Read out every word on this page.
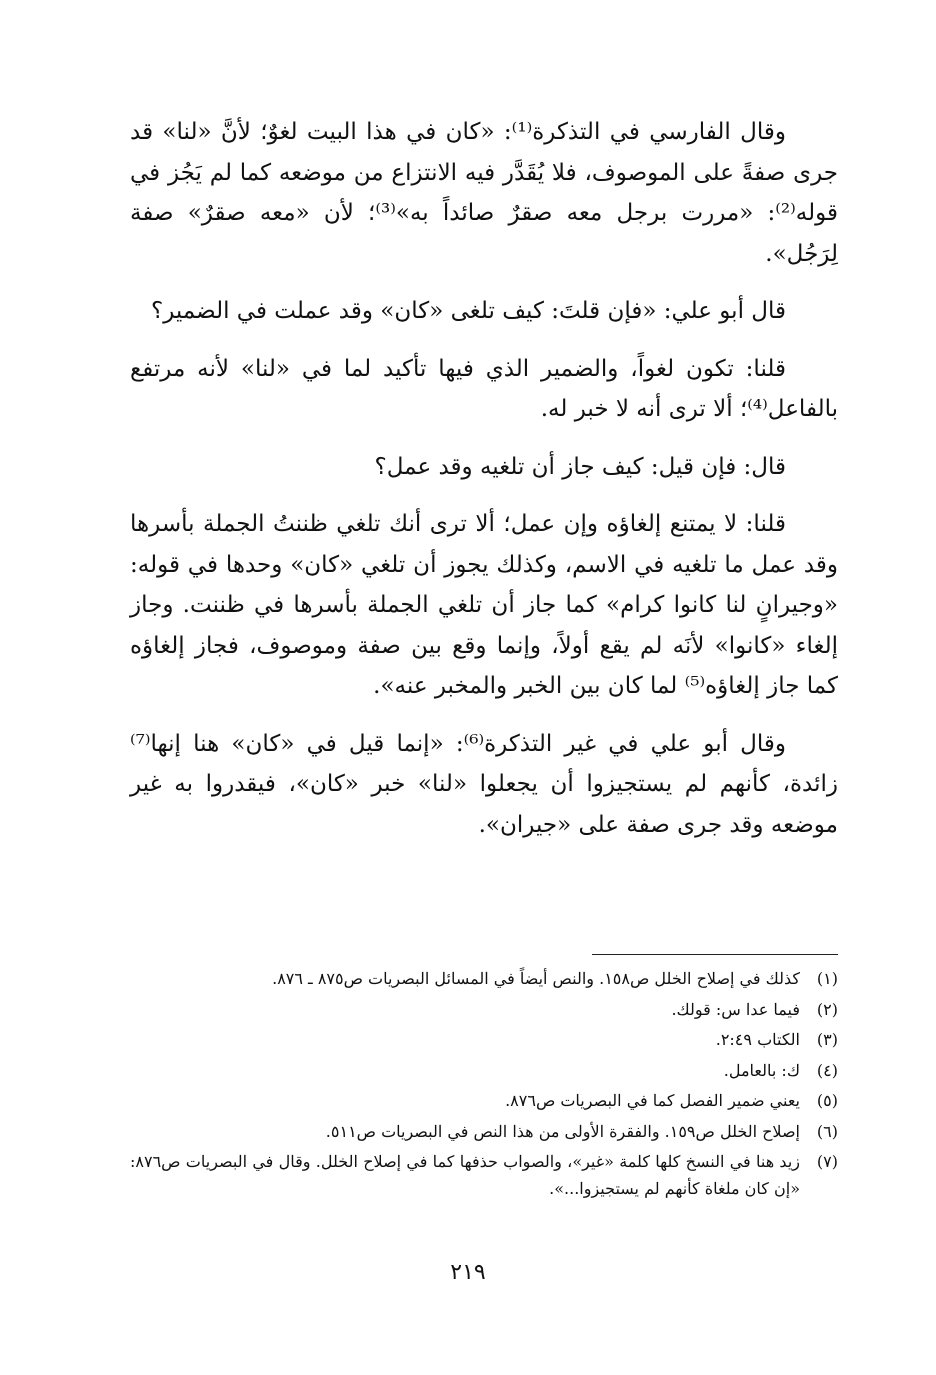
وقال الفارسي في التذكرة⁽¹⁾: «كان في هذا البيت لغوٌ؛ لأنَّ «لنا» قد جرى صفةً على الموصوف، فلا يُقَدَّر فيه الانتزاع من موضعه كما لم يَجُز في قوله⁽²⁾: «مررت برجل معه صقرٌ صائداً به»⁽³⁾؛ لأن «معه صقرٌ» صفة لِرَجُل».

قال أبو علي: «فإن قلتَ: كيف تلغى «كان» وقد عملت في الضمير؟

قلنا: تكون لغواً، والضمير الذي فيها تأكيد لما في «لنا» لأنه مرتفع بالفاعل⁽⁴⁾؛ ألا ترى أنه لا خبر له.

قال: فإن قيل: كيف جاز أن تلغيه وقد عمل؟

قلنا: لا يمتنع إلغاؤه وإن عمل؛ ألا ترى أنك تلغي ظننتُ الجملة بأسرها وقد عمل ما تلغيه في الاسم، وكذلك يجوز أن تلغي «كان» وحدها في قوله: «وجيرانٍ لنا كانوا كرام» كما جاز أن تلغي الجملة بأسرها في ظننت. وجاز إلغاء «كانوا» لأنَه لم يقع أولاً، وإنما وقع بين صفة وموصوف، فجاز إلغاؤه كما جاز إلغاؤه⁽⁵⁾ لما كان بين الخبر والمخبر عنه».

وقال أبو علي في غير التذكرة⁽⁶⁾: «إنما قيل في «كان» هنا إنها⁽⁷⁾ زائدة، كأنهم لم يستجيزوا أن يجعلوا «لنا» خبر «كان»، فيقدروا به غير موضعه وقد جرى صفة على «جيران».

(١)
كذلك في إصلاح الخلل ص١٥٨. والنص أيضاً في المسائل البصريات ص٨٧٥ ـ ٨٧٦.
(٢)
فيما عدا س: قولك.
(٣)
الكتاب ٢:٤٩.
(٤)
ك: بالعامل.
(٥)
يعني ضمير الفصل كما في البصريات ص٨٧٦.
(٦)
إصلاح الخلل ص١٥٩. والفقرة الأولى من هذا النص في البصريات ص٥١١.
(٧)
زيد هنا في النسخ كلها كلمة «غير»، والصواب حذفها كما في إصلاح الخلل. وقال في البصريات ص٨٧٦: «إن كان ملغاة كأنهم لم يستجيزوا...».
٢١٩
